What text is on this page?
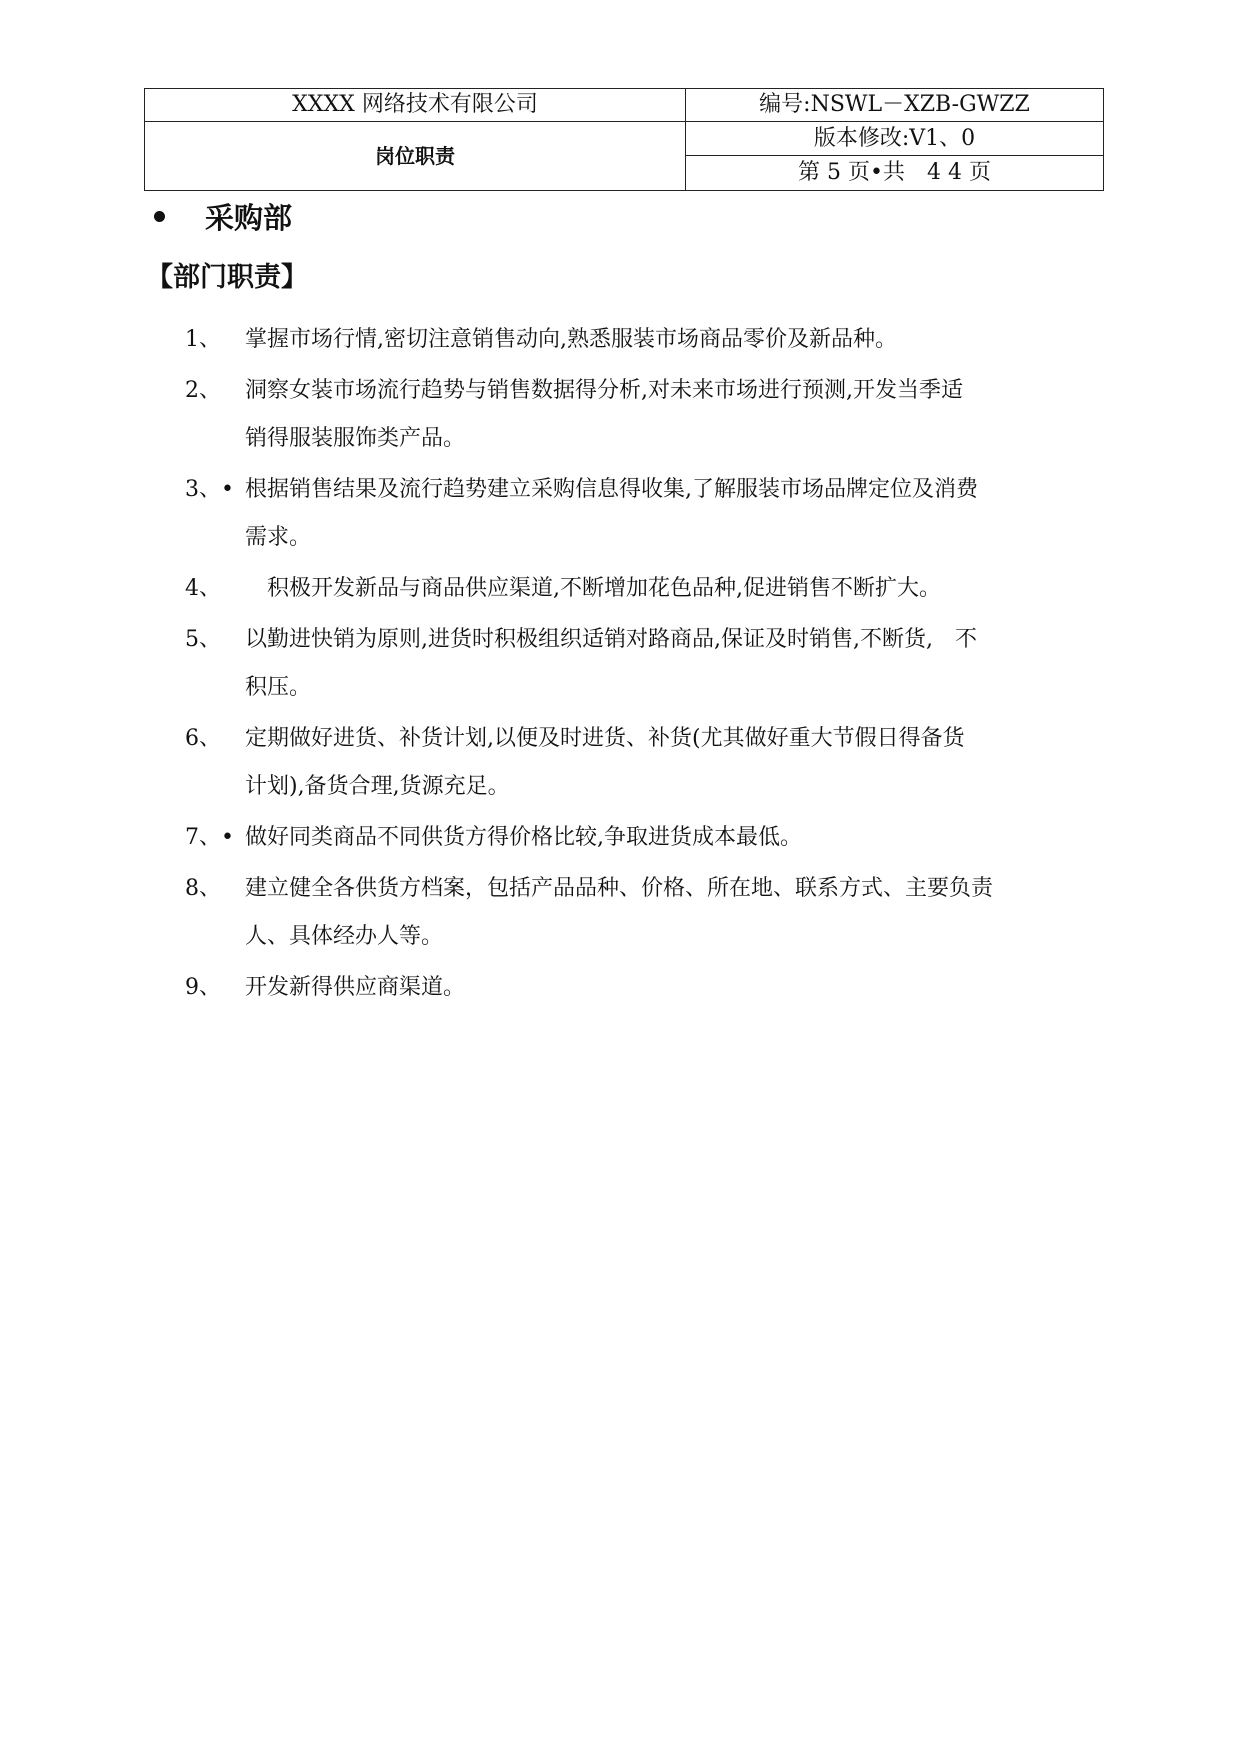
XXXX 网络技术有限公司	编号:NSWL－XZB-GWZZ
岗位职责	版本修改:V1、0
	第 5 页•共　4 4 页
采购部
【部门职责】
1、	掌握市场行情,密切注意销售动向,熟悉服装市场商品零价及新品种。
2、	洞察女装市场流行趋势与销售数据得分析,对未来市场进行预测,开发当季适
销得服装服饰类产品。
3、• 根据销售结果及流行趋势建立采购信息得收集,了解服装市场品牌定位及消费
需求。
4、	　积极开发新品与商品供应渠道,不断增加花色品种,促进销售不断扩大。
5、	以勤进快销为原则,进货时积极组织适销对路商品,保证及时销售,不断货,　不
积压。
6、	定期做好进货、补货计划,以便及时进货、补货(尤其做好重大节假日得备货
计划),备货合理,货源充足。
7、• 做好同类商品不同供货方得价格比较,争取进货成本最低。
8、	建立健全各供货方档案，包括产品品种、价格、所在地、联系方式、主要负责
人、具体经办人等。
9、	开发新得供应商渠道。
